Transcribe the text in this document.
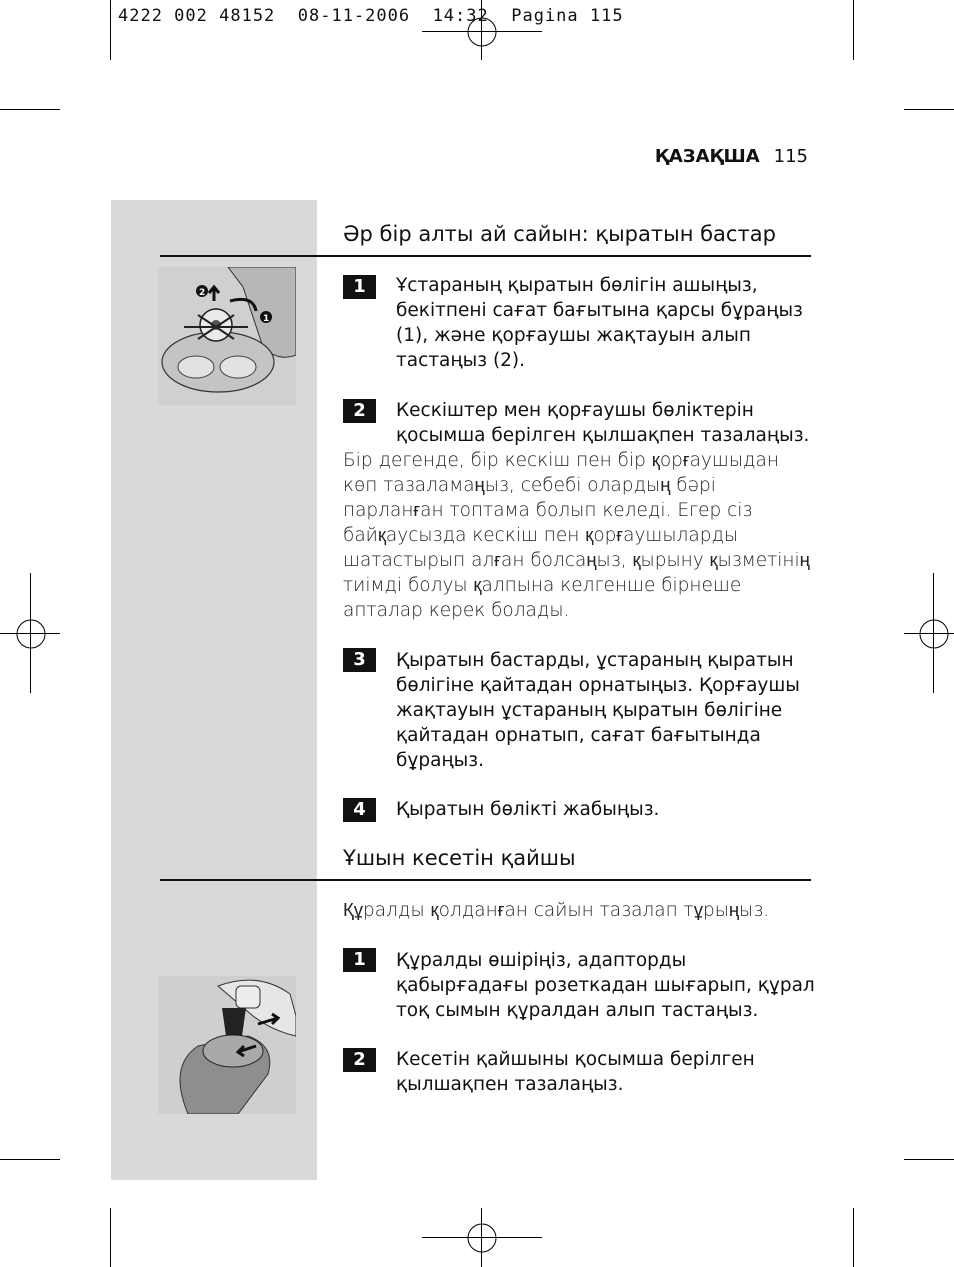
4222 002 48152  08-11-2006  14:32  Pagina 115
ҚАЗАҚША 115
Әр бір алты ай сайын: қыратын бастар
2
1
1	Ұстараның қыратын бөлігін ашыңыз, бекітпені сағат бағытына қарсы бұраңыз (1), және қорғаушы жақтауын алып тастаңыз (2).
2	Кескіштер мен қорғаушы бөліктерін қосымша берілген қылшақпен тазалаңыз.
Бір дегенде, бір кескіш пен бір қорғаушыдан көп тазаламаңыз, себебі олардың бәрі парланған топтама болып келеді. Егер сіз байқаусызда кескіш пен қорғаушыларды шатастырып алған болсаңыз, қырыну қызметінің тиімді болуы қалпына келгенше бірнеше апталар керек болады.
3	Қыратын бастарды, ұстараның қыратын бөлігіне қайтадан орнатыңыз. Қорғаушы жақтауын ұстараның қыратын бөлігіне қайтадан орнатып, сағат бағытында бұраңыз.
4	Қыратын бөлікті жабыңыз.
Ұшын кесетін қайшы
Құралды қолданған сайын тазалап тұрыңыз.
1	Құралды өшіріңіз, адапторды қабырғадағы розеткадан шығарып, құрал тоқ сымын құралдан алып тастаңыз.
2	Кесетін қайшыны қосымша берілген қылшақпен тазалаңыз.
